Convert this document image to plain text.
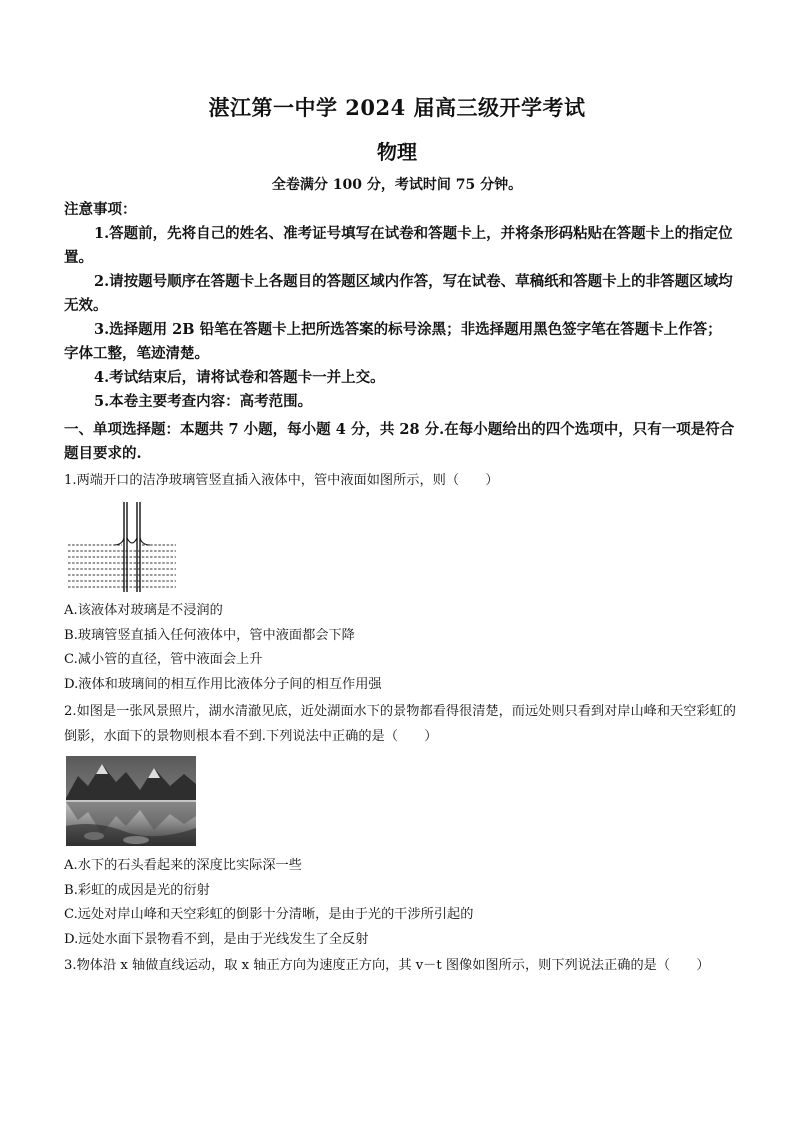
湛江第一中学 2024 届高三级开学考试
物理
全卷满分 100 分，考试时间 75 分钟。
注意事项：

1.答题前，先将自己的姓名、准考证号填写在试卷和答题卡上，并将条形码粘贴在答题卡上的指定位置。

2.请按题号顺序在答题卡上各题目的答题区域内作答，写在试卷、草稿纸和答题卡上的非答题区域均无效。

3.选择题用 2B 铅笔在答题卡上把所选答案的标号涂黑；非选择题用黑色签字笔在答题卡上作答；字体工整，笔迹清楚。

4.考试结束后，请将试卷和答题卡一并上交。

5.本卷主要考查内容：高考范围。

一、单项选择题：本题共 7 小题，每小题 4 分，共 28 分.在每小题给出的四个选项中，只有一项是符合题目要求的.

1.两端开口的洁净玻璃管竖直插入液体中，管中液面如图所示，则（　　）

A.该液体对玻璃是不浸润的

B.玻璃管竖直插入任何液体中，管中液面都会下降

C.减小管的直径，管中液面会上升

D.液体和玻璃间的相互作用比液体分子间的相互作用强

2.如图是一张风景照片，湖水清澈见底，近处湖面水下的景物都看得很清楚，而远处则只看到对岸山峰和天空彩虹的倒影，水面下的景物则根本看不到.下列说法中正确的是（　　）

A.水下的石头看起来的深度比实际深一些

B.彩虹的成因是光的衍射

C.远处对岸山峰和天空彩虹的倒影十分清晰，是由于光的干涉所引起的

D.远处水面下景物看不到，是由于光线发生了全反射

3.物体沿 x 轴做直线运动，取 x 轴正方向为速度正方向，其 v－t 图像如图所示，则下列说法正确的是（　　）
